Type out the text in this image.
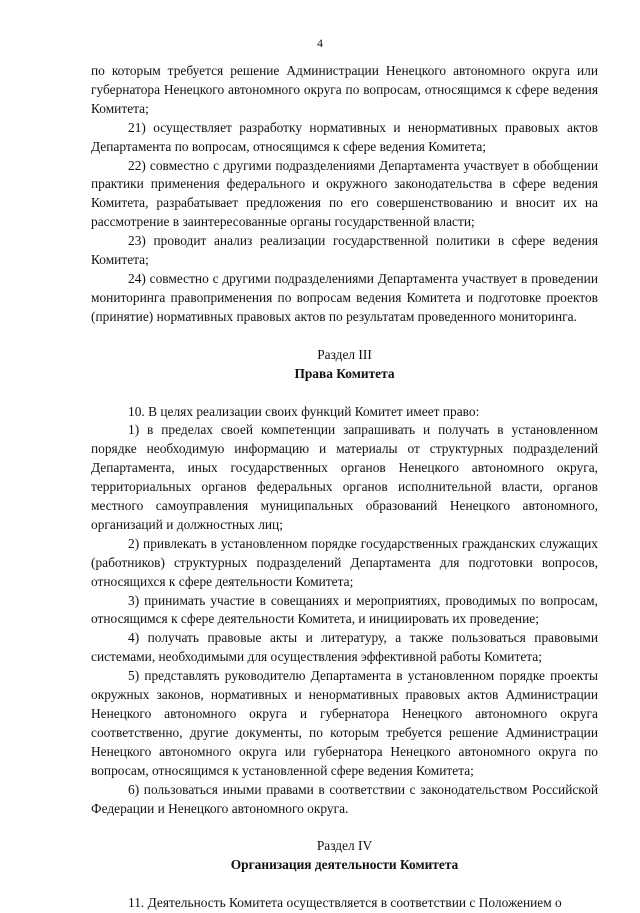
4

по которым требуется решение Администрации Ненецкого автономного округа или губернатора Ненецкого автономного округа по вопросам, относящимся к сфере ведения Комитета;

21) осуществляет разработку нормативных и ненормативных правовых актов Департамента по вопросам, относящимся к сфере ведения Комитета;

22) совместно с другими подразделениями Департамента участвует в обобщении практики применения федерального и окружного законодательства в сфере ведения Комитета, разрабатывает предложения по его совершенствованию и вносит их на рассмотрение в заинтересованные органы государственной власти;

23) проводит анализ реализации государственной политики в сфере ведения Комитета;

24) совместно с другими подразделениями Департамента участвует в проведении мониторинга правоприменения по вопросам ведения Комитета и подготовке проектов (принятие) нормативных правовых актов по результатам проведенного мониторинга.

Раздел III

Права Комитета

10. В целях реализации своих функций Комитет имеет право:

1) в пределах своей компетенции запрашивать и получать в установленном порядке необходимую информацию и материалы от структурных подразделений Департамента, иных государственных органов Ненецкого автономного округа, территориальных органов федеральных органов исполнительной власти, органов местного самоуправления муниципальных образований Ненецкого автономного, организаций и должностных лиц;

2) привлекать в установленном порядке государственных гражданских служащих (работников) структурных подразделений Департамента для подготовки вопросов, относящихся к сфере деятельности Комитета;

3) принимать участие в совещаниях и мероприятиях, проводимых по вопросам, относящимся к сфере деятельности Комитета, и инициировать их проведение;

4) получать правовые акты и литературу, а также пользоваться правовыми системами, необходимыми для осуществления эффективной работы Комитета;

5) представлять руководителю Департамента в установленном порядке проекты окружных законов, нормативных и ненормативных правовых актов Администрации Ненецкого автономного округа и губернатора Ненецкого автономного округа соответственно, другие документы, по которым требуется решение Администрации Ненецкого автономного округа или губернатора Ненецкого автономного округа по вопросам, относящимся к установленной сфере ведения Комитета;

6) пользоваться иными правами в соответствии с законодательством Российской Федерации и Ненецкого автономного округа.

Раздел IV

Организация деятельности Комитета

11. Деятельность Комитета осуществляется в соответствии с Положением о
